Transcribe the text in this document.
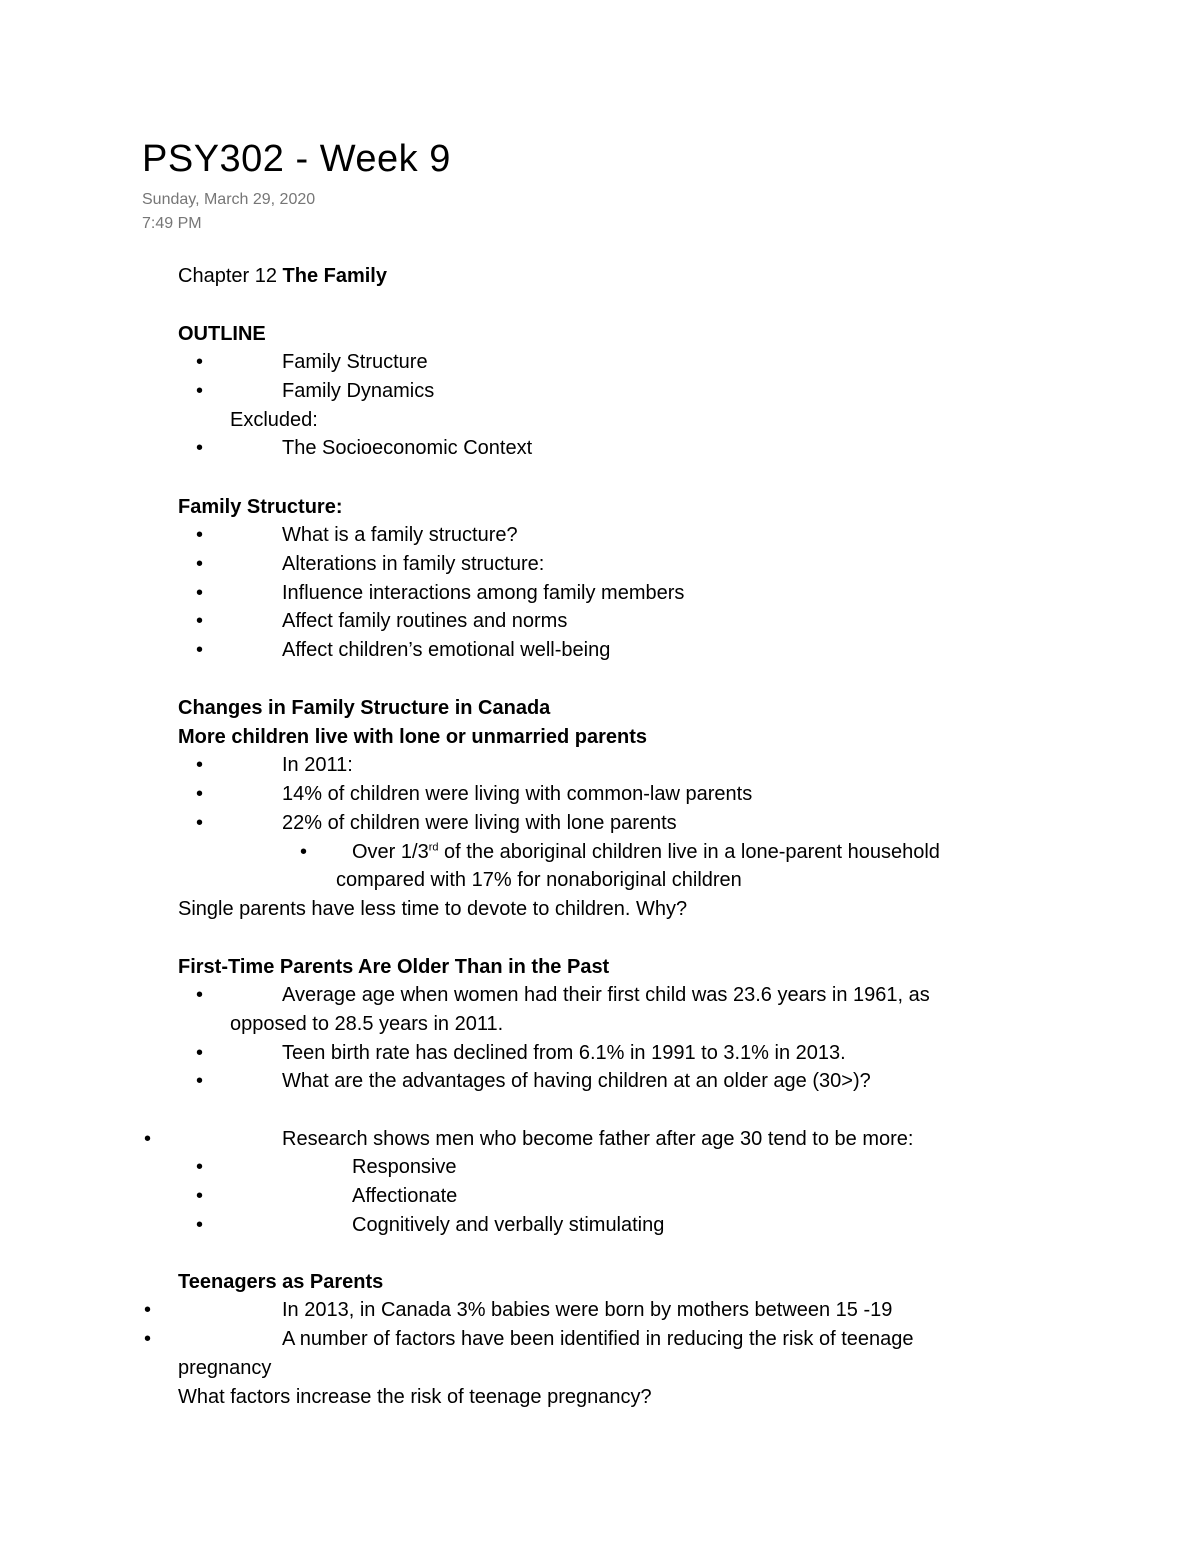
PSY302 - Week 9
Sunday, March 29, 2020
7:49 PM
Chapter 12 The Family
OUTLINE
•	Family Structure
•	Family Dynamics
Excluded:
•	The Socioeconomic Context
Family Structure:
•	What is a family structure?
•	Alterations in family structure:
•	Influence interactions among family members
•	Affect family routines and norms
•	Affect children’s emotional well-being
Changes in Family Structure in Canada
More children live with lone or unmarried parents
•	In 2011:
•	14% of children were living with common-law parents
•	22% of children were living with lone parents
• Over 1/3rd of the aboriginal children live in a lone-parent household
compared with 17% for nonaboriginal children
Single parents have less time to devote to children. Why?
First-Time Parents Are Older Than in the Past
•	Average age when women had their first child was 23.6 years in 1961, as
opposed to 28.5 years in 2011.
•	Teen birth rate has declined from 6.1% in 1991 to 3.1% in 2013.
•	What are the advantages of having children at an older age (30>)?
•	Research shows men who become father after age 30 tend to be more:
•	Responsive
•	Affectionate
•	Cognitively and verbally stimulating
Teenagers as Parents
•	In 2013, in Canada 3% babies were born by mothers between 15 -19
•	A number of factors have been identified in reducing the risk of teenage
pregnancy
What factors increase the risk of teenage pregnancy?
